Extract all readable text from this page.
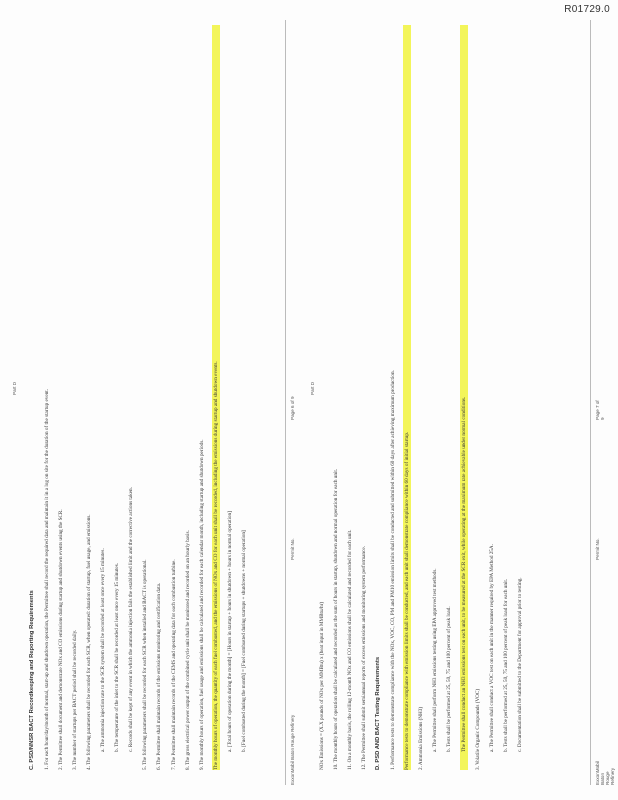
R01729.0
C. PSD/NNSR BACT Recordkeeping and Reporting Requirements	1. For each hour/day/month of normal, start-up and shutdown operation, the Permittee shall record the required data and maintain it in a log on site for the duration of the startup event. 2. The Permittee shall document and demonstrate NOx and CO emissions during startup and shutdown events using the SCR. 3. The number of startups per BACT period shall be recorded daily. 4. The following parameters shall be recorded for each SCR, when operated: duration of startup, fuel usage, and emissions. a. The ammonia injection rate to the SCR system shall be recorded at least once every 15 minutes. b. The temperature of the inlet to the SCR shall be recorded at least once every 15 minutes. c. Records shall be kept of any event in which the ammonia injection fails the established limit and the corrective actions taken. 5. The following parameters shall be recorded for each SCR when installed and BACT is operational. 6. The Permittee shall maintain records of the emissions monitoring and certification data. 7. The Permittee shall maintain records of the CEMS and operating data for each combustion turbine. 8. The gross electrical power output of the combined cycle unit shall be monitored and recorded on an hourly basis. 9. The monthly hours of operation, fuel usage and emissions shall be calculated and recorded for each calendar month, including startup and shutdown periods. The monthly hours of operation, the quantity of each fuel combusted, and the emissions of NOx and CO for each unit shall be recorded, including the emissions during startup and shutdown events. a. [Total hours of operation during the month] = [Hours in startup + hours in shutdown + hours in normal operation] b. [Fuel combusted during the month] = [Fuel combusted during startups + shutdowns + normal operation]	NOx Emissions = (X.X pounds of NOx per MMBtu) x (heat input in MMBtu/hr) 10. The monthly hours of operation shall be calculated and recorded as the sum of hours in startup, shutdown and normal operation for each unit. 11. On a monthly basis, the rolling 12-month NOx and CO emissions shall be calculated and recorded for each unit. 12. The Permittee shall submit semiannual reports of excess emissions and monitoring system performance. D. PSD AND BACT Testing Requirements	1. Performance tests to demonstrate compliance with the NOx, VOC, CO, PM and PM10 emission limits shall be conducted and submitted within 60 days after achieving maximum production. Performance tests to demonstrate compliance with emission limits shall be conducted, and each unit shall demonstrate compliance within 60 days of initial startup. 2. Ammonia Emissions (NH3) a. The Permittee shall perform NH3 emissions testing using EPA approved test methods. b. Tests shall be performed at 25, 50, 75 and 100 percent of peak load. The Permittee shall conduct an NH3 emissions test on each unit, to be measured at the SCR exit, while operating at the maximum rate achievable under normal conditions. 3. Volatile Organic Compounds (VOC) a. The Permittee shall conduct a VOC test on each unit in the manner required by EPA Method 25A. b. Tests shall be performed at 25, 50, 75 and 100 percent of peak load for each unit. c. Documentation shall be submitted to the Department for approval prior to testing.
Part D	Part D
ExxonMobil Baton Rouge Refinery
Permit No.
Page 6 of 9
ExxonMobil Baton Rouge Refinery
Permit No.
Page 7 of 9
